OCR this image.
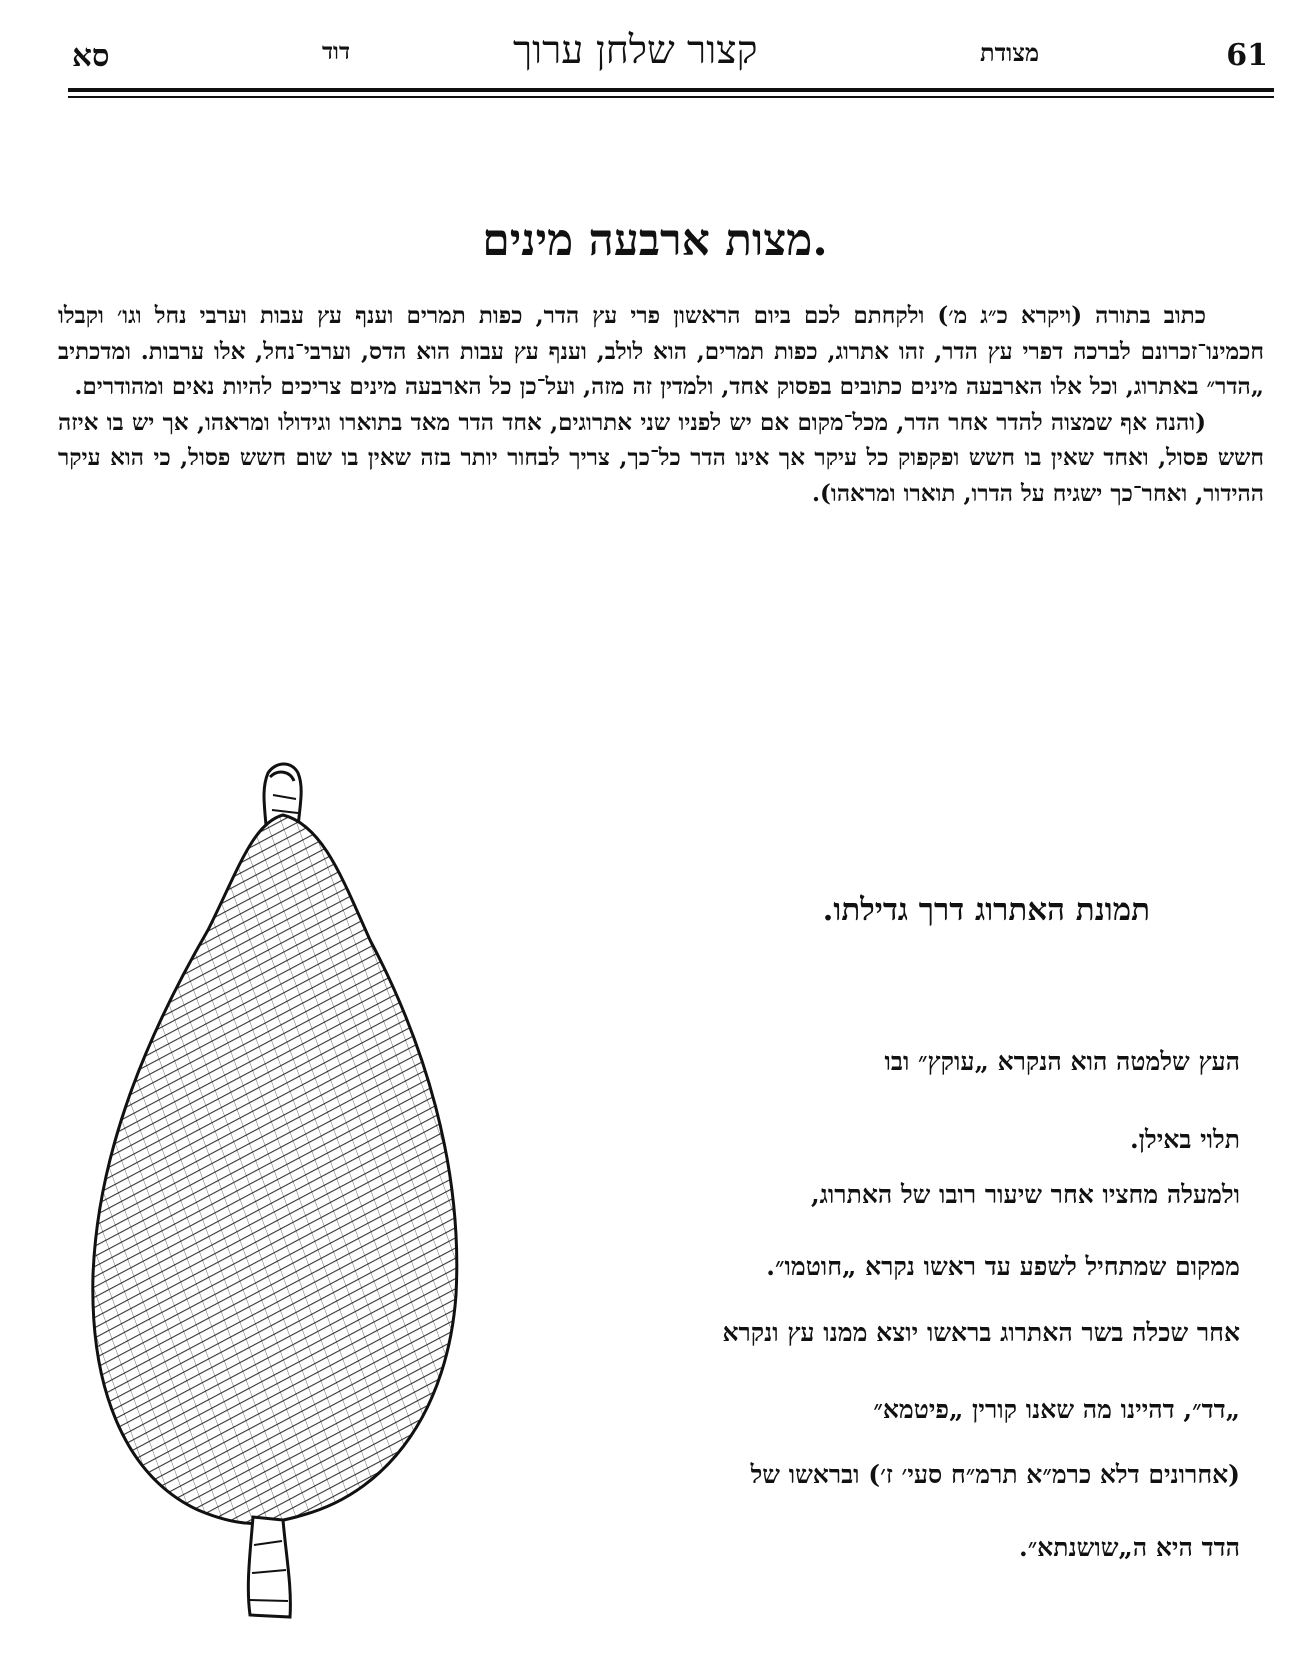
61
מצודת
קצור שלחן ערוך
דוד
סא
מצות ארבעה מינים.

כתוב בתורה (ויקרא כ״ג מ׳) ולקחתם לכם ביום הראשון פרי עץ הדר, כפות תמרים וענף עץ עבות וערבי נחל וגו׳ וקבלו חכמינו־זכרונם לברכה דפרי עץ הדר, זהו אתרוג, כפות תמרים, הוא לולב, וענף עץ עבות הוא הדס, וערבי־נחל, אלו ערבות. ומדכתיב „הדר״ באתרוג, וכל אלו הארבעה מינים כתובים בפסוק אחד, ולמדין זה מזה, ועל־כן כל הארבעה מינים צריכים להיות נאים ומהודרים.

(והנה אף שמצוה להדר אחר הדר, מכל־מקום אם יש לפניו שני אתרוגים, אחד הדר מאד בתוארו וגידולו ומראהו, אך יש בו איזה חשש פסול, ואחד שאין בו חשש ופקפוק כל עיקר אך אינו הדר כל־כך, צריך לבחור יותר בזה שאין בו שום חשש פסול, כי הוא עיקר ההידור, ואחר־כך ישגיח על הדרו, תוארו ומראהו).

תמונת האתרוג דרך גדילתו.
העץ שלמטה הוא הנקרא „עוקץ״ ובו
תלוי באילן.
ולמעלה מחציו אחר שיעור רובו של האתרוג,
ממקום שמתחיל לשפע עד ראשו נקרא „חוטמו״.
אחר שכלה בשר האתרוג בראשו יוצא ממנו עץ ונקרא
„דד״, דהיינו מה שאנו קורין „פיטמא״
(אחרונים דלא כרמ״א תרמ״ח סעי׳ ז׳) ובראשו של
הדד היא ה„שושנתא״.
